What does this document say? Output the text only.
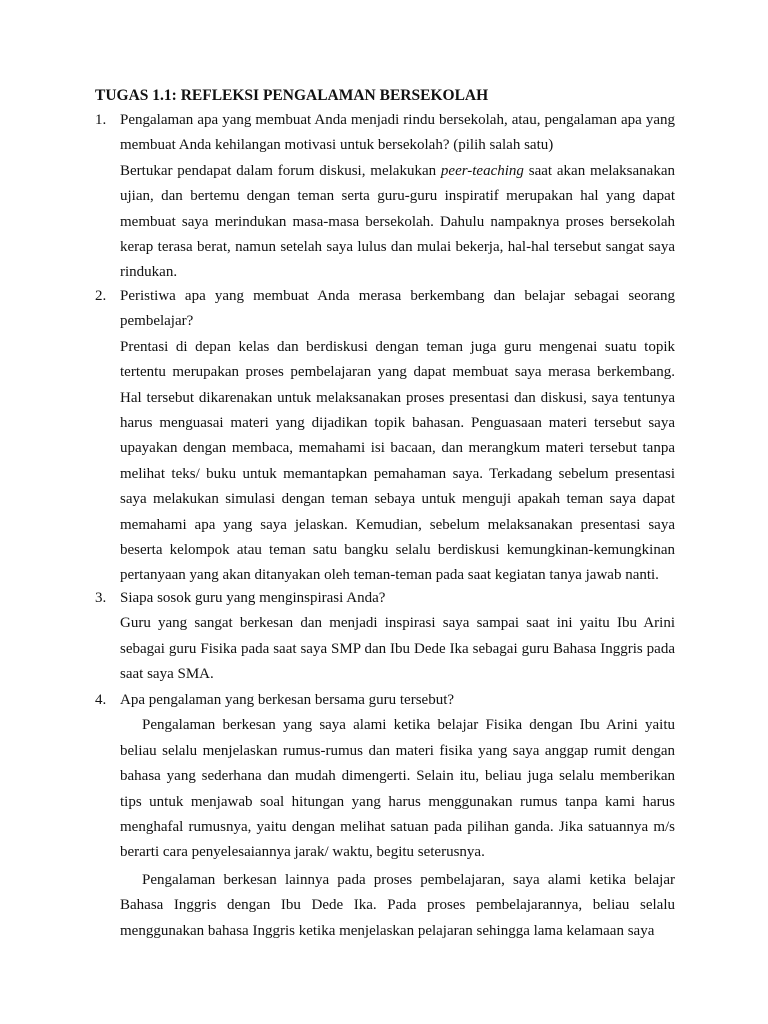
TUGAS 1.1: REFLEKSI PENGALAMAN BERSEKOLAH
1. Pengalaman apa yang membuat Anda menjadi rindu bersekolah, atau, pengalaman apa yang membuat Anda kehilangan motivasi untuk bersekolah? (pilih salah satu)

Bertukar pendapat dalam forum diskusi, melakukan peer-teaching saat akan melaksanakan ujian, dan bertemu dengan teman serta guru-guru inspiratif merupakan hal yang dapat membuat saya merindukan masa-masa bersekolah. Dahulu nampaknya proses bersekolah kerap terasa berat, namun setelah saya lulus dan mulai bekerja, hal-hal tersebut sangat saya rindukan.

2. Peristiwa apa yang membuat Anda merasa berkembang dan belajar sebagai seorang pembelajar?

Prentasi di depan kelas dan berdiskusi dengan teman juga guru mengenai suatu topik tertentu merupakan proses pembelajaran yang dapat membuat saya merasa berkembang. Hal tersebut dikarenakan untuk melaksanakan proses presentasi dan diskusi, saya tentunya harus menguasai materi yang dijadikan topik bahasan. Penguasaan materi tersebut saya upayakan dengan membaca, memahami isi bacaan, dan merangkum materi tersebut tanpa melihat teks/ buku untuk memantapkan pemahaman saya. Terkadang sebelum presentasi saya melakukan simulasi dengan teman sebaya untuk menguji apakah teman saya dapat memahami apa yang saya jelaskan. Kemudian, sebelum melaksanakan presentasi saya beserta kelompok atau teman satu bangku selalu berdiskusi kemungkinan-kemungkinan pertanyaan yang akan ditanyakan oleh teman-teman pada saat kegiatan tanya jawab nanti.

3. Siapa sosok guru yang menginspirasi Anda?

Guru yang sangat berkesan dan menjadi inspirasi saya sampai saat ini yaitu Ibu Arini sebagai guru Fisika pada saat saya SMP dan Ibu Dede Ika sebagai guru Bahasa Inggris pada saat saya SMA.

4. Apa pengalaman yang berkesan bersama guru tersebut?

Pengalaman berkesan yang saya alami ketika belajar Fisika dengan Ibu Arini yaitu beliau selalu menjelaskan rumus-rumus dan materi fisika yang saya anggap rumit dengan bahasa yang sederhana dan mudah dimengerti. Selain itu, beliau juga selalu memberikan tips untuk menjawab soal hitungan yang harus menggunakan rumus tanpa kami harus menghafal rumusnya, yaitu dengan melihat satuan pada pilihan ganda. Jika satuannya m/s berarti cara penyelesaiannya jarak/ waktu, begitu seterusnya.

Pengalaman berkesan lainnya pada proses pembelajaran, saya alami ketika belajar Bahasa Inggris dengan Ibu Dede Ika. Pada proses pembelajarannya, beliau selalu menggunakan bahasa Inggris ketika menjelaskan pelajaran sehingga lama kelamaan saya
